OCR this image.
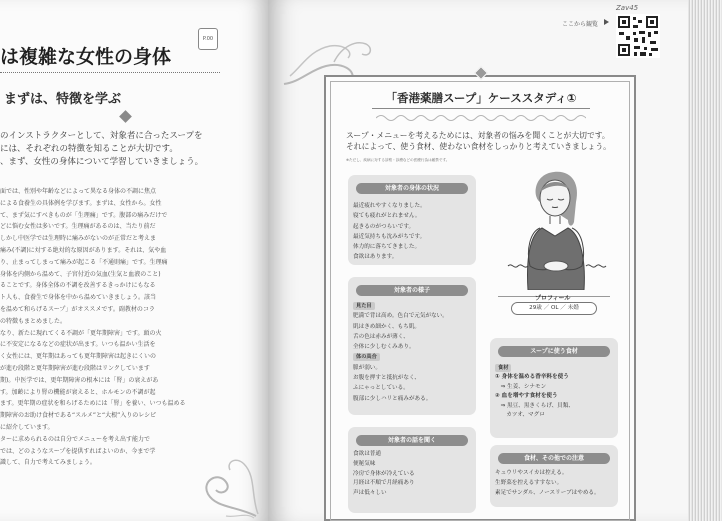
は複雑な女性の身体
P.00
まずは、特徴を学ぶ

のインストラクターとして、対象者に合ったスープを

には、それぞれの特徴を知ることが大切です。

、まず、女性の身体について学習していきましょう。

面では、性別や年齢などによって異なる身体の不調に焦点

による食養生の具体例を学びます。まずは、女性から。女性

て、まず気にすべきものが「生理痛」です。腹部の痛みだけで

どに悩む女性は多いです。生理痛があるのは、当たり前だ

しかし中医学では生理時に痛みがないのが正常だと考えま

痛み(不調)に対する絶対的な原因があります。それは、気や血

り、止まってしまって痛みが起こる「不通則痛」です。生理痛

身体を内側から温めて、子宮付近の気血(生気と血液のこと)

ることです。身体全体の不調を改善するきっかけにもなる

ト人も、食養生で身体を中から温めていきましょう。該当

を温めて和らげるスープ」がオススメです。副教材のコラ

の特徴もまとめました。

なり、新たに現れてくる不調が「更年期障害」です。頭の火

に不安定になるなどの症状が出ます。いつも温かい生活を

く女性には、更年期はあっても更年期障害は起きにくいの

が進む段階と更年期障害が進む段階はリンクしています

期)。中医学では、更年期障害の根本には「腎」の衰えがあ

す。加齢により腎の機能が衰えると、ホルモンの不調が起

ます。更年期の症状を和らげるためには「腎」を養い、いつも温める

期障害のお助け食材である“スルメ”と“大根”入りのレシピ

に紹介しています。

ターに求められるのは自分でメニューを考え出す能力で

では、どのようなスープを提供すればよいのか、今まで学

識して、自力で考えてみましょう。

ここから観覧
Zav45
「香港薬膳スープ」ケーススタディ①

スープ・メニューを考えるためには、対象者の悩みを聞くことが大切です。

それによって、使う食材、使わない食材をしっかりと考えていきましょう。

※ただし、疾病に対する診察・診療などの医療行為は厳禁です。
対象者の身体の状況

最近疲れやすくなりました。

寝ても疲れがとれません。

起きるのがつらいです。

最近気持ちも沈みがちです。

体力的に落ちてきました。

食欲はあります。

対象者の様子
見た目

肥満で背は高め。色白で元気がない。

肌はきめ細かく、もち肌。

舌の色は赤みが薄く、

全体に少しむくみあり。

体の具合

脈が弱い。

お腹を押すと抵抗がなく、

ふにゃっとしている。

腹部に少しハリと痛みがある。

対象者の話を聞く

食欲は普通

便秘気味

冷房で身体が冷えている

月経は不順で月経痛あり

声は低々しい

プロフィール
29歳 ／ OL ／ 未婚
スープに使う食材
食材

① 身体を温める香辛料を使う

　⇒ 生姜、シナモン

② 血を増やす食材を使う

　⇒ 黒豆、黒きくらげ、貝類、

　　カツオ、マグロ

食材、その他での注意

キュウリやスイカは控える。

生野菜を控えるすすない。

素足でサンダル、ノースリーブはやめる。
